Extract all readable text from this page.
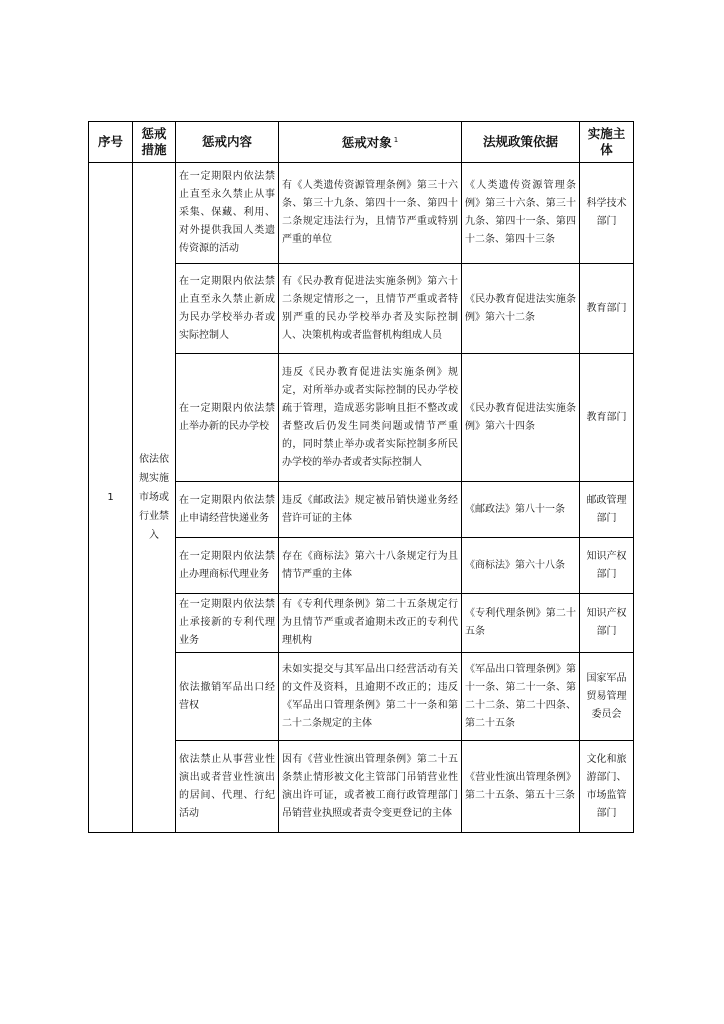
序号	惩戒措施	惩戒内容	惩戒对象 $^1$	法规政策依据	实施主体
1	依法依规实施市场或行业禁入	在一定期限内依法禁止直至永久禁止从事采集、保藏、利用、对外提供我国人类遗传资源的活动	有《人类遗传资源管理条例》第三十六条、第三十九条、第四十一条、第四十二条规定违法行为，且情节严重或特别严重的单位	《人类遗传资源管理条例》第三十六条、第三十九条、第四十一条、第四十二条、第四十三条	科学技术部门
		在一定期限内依法禁止直至永久禁止新成为民办学校举办者或实际控制人	有《民办教育促进法实施条例》第六十二条规定情形之一，且情节严重或者特别严重的民办学校举办者及实际控制人、决策机构或者监督机构组成人员	《民办教育促进法实施条例》第六十二条	教育部门
		在一定期限内依法禁止举办新的民办学校	违反《民办教育促进法实施条例》规定，对所举办或者实际控制的民办学校疏于管理，造成恶劣影响且拒不整改或者整改后仍发生同类问题或情节严重的，同时禁止举办或者实际控制多所民办学校的举办者或者实际控制人	《民办教育促进法实施条例》第六十四条	教育部门
		在一定期限内依法禁止申请经营快递业务	违反《邮政法》规定被吊销快递业务经营许可证的主体	《邮政法》第八十一条	邮政管理部门
		在一定期限内依法禁止办理商标代理业务	存在《商标法》第六十八条规定行为且情节严重的主体	《商标法》第六十八条	知识产权部门
		在一定期限内依法禁止承接新的专利代理业务	有《专利代理条例》第二十五条规定行为且情节严重或者逾期未改正的专利代理机构	《专利代理条例》第二十五条	知识产权部门
		依法撤销军品出口经营权	未如实提交与其军品出口经营活动有关的文件及资料，且逾期不改正的；违反《军品出口管理条例》第二十一条和第二十二条规定的主体	《军品出口管理条例》第十一条、第二十一条、第二十二条、第二十四条、第二十五条	国家军品贸易管理委员会
		依法禁止从事营业性演出或者营业性演出的居间、代理、行纪活动	因有《营业性演出管理条例》第二十五条禁止情形被文化主管部门吊销营业性演出许可证，或者被工商行政管理部门吊销营业执照或者责令变更登记的主体	《营业性演出管理条例》第二十五条、第五十三条	文化和旅游部门、市场监管部门
